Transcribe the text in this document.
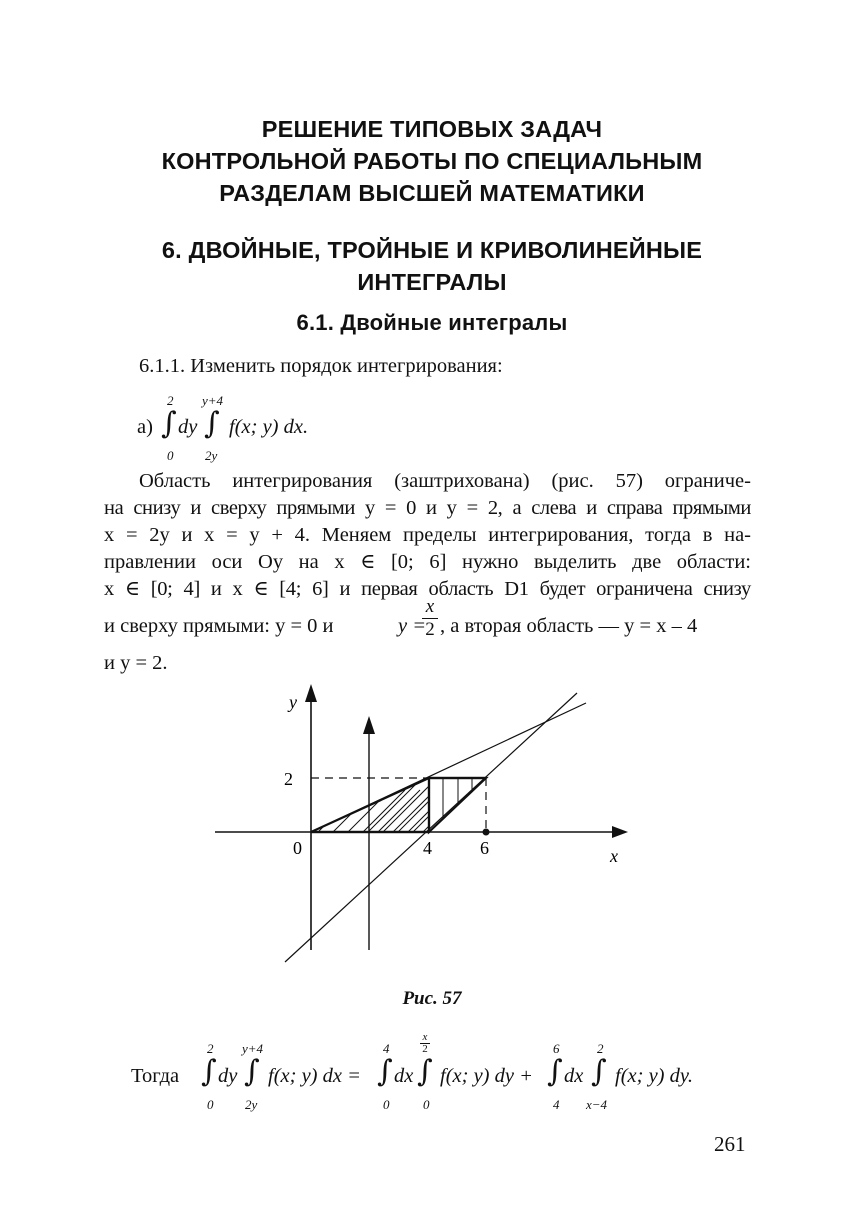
РЕШЕНИЕ ТИПОВЫХ ЗАДАЧ
КОНТРОЛЬНОЙ РАБОТЫ ПО СПЕЦИАЛЬНЫМ
РАЗДЕЛАМ ВЫСШЕЙ МАТЕМАТИКИ
6. ДВОЙНЫЕ, ТРОЙНЫЕ И КРИВОЛИНЕЙНЫЕ
ИНТЕГРАЛЫ
6.1. Двойные интегралы
6.1.1. Изменить порядок интегрирования:
а)
2
∫
0
dy
y+4
∫
2y
f(x; y) dx.
Область интегрирования (заштрихована) (рис. 57) ограниче-
на снизу и сверху прямыми y = 0 и y = 2, а слева и справа прямыми
x = 2y и x = y + 4. Меняем пределы интегрирования, тогда в на-
правлении оси Oy на x ∈ [0; 6] нужно выделить две области:
x ∈ [0; 4] и x ∈ [4; 6] и первая область D1 будет ограничена снизу
и сверху прямыми: y = 0 и	y =
$\frac{x}{2}$ , а вторая область — y = x – 4
и y = 2.
y
x
2
0	4	6
Рис. 57
Тогда
2
∫
0
dy
y+4
∫
2y
f(x; y) dx =
4
∫
0
dx
$\frac{x}{2}$
∫
0
f(x; y) dy +
6
∫
4
dx
2
∫
x−4
f(x; y) dy.
261
